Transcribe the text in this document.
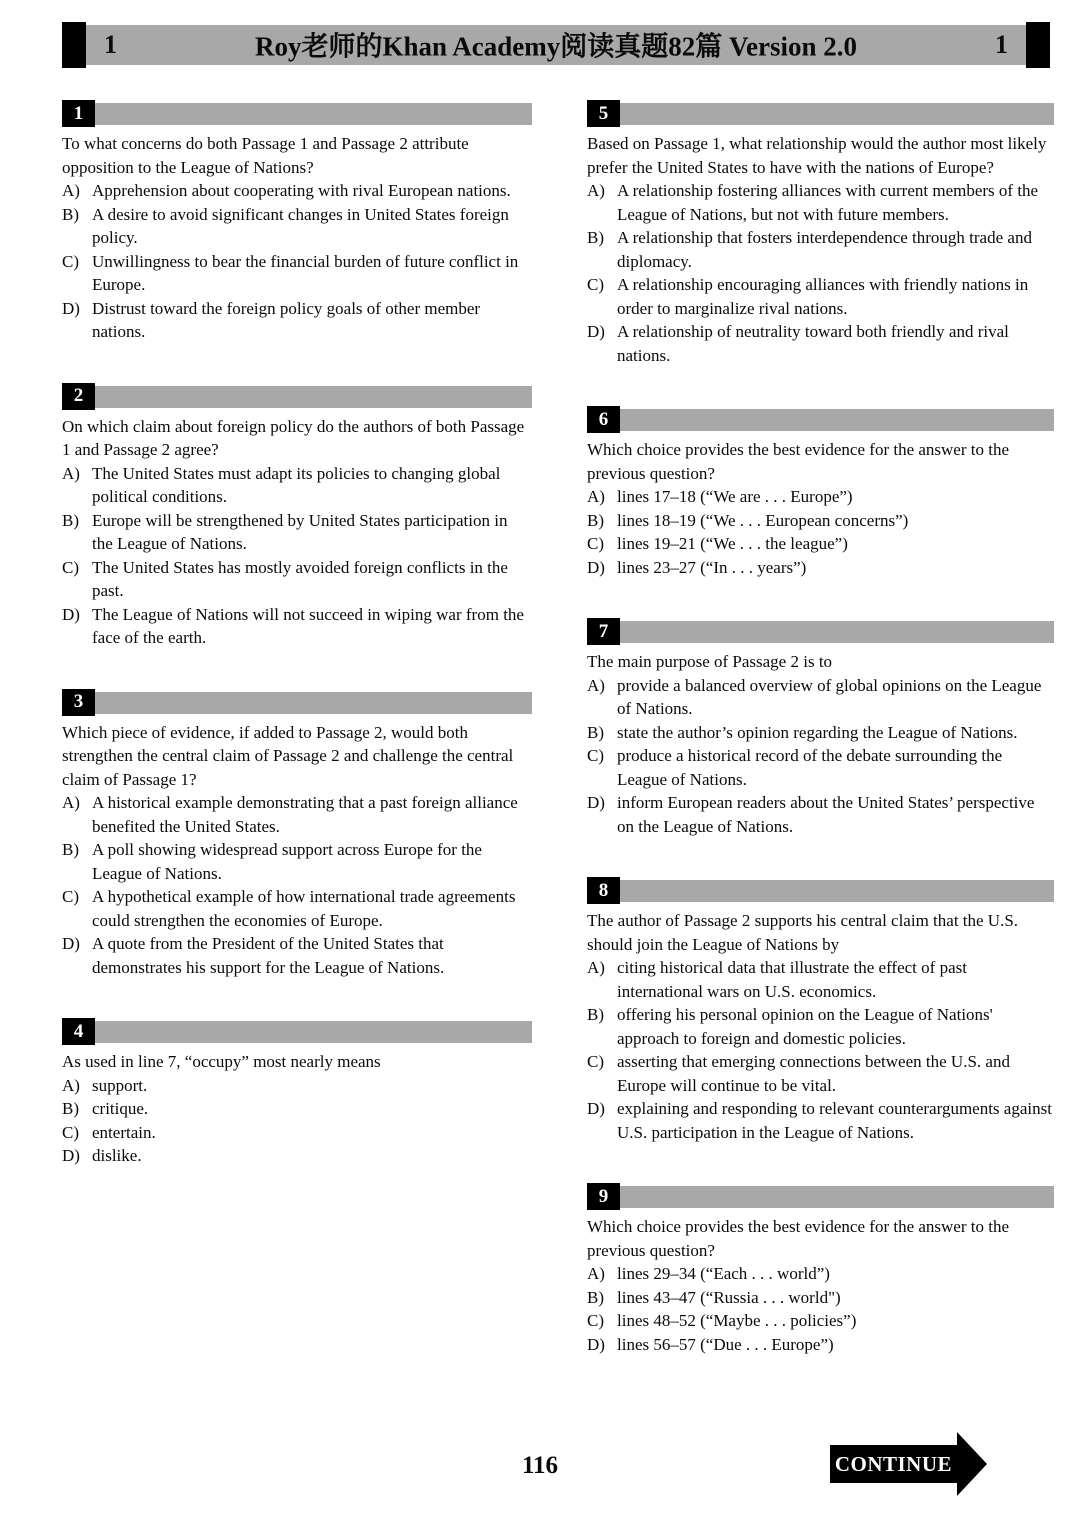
1	Roy老师的Khan Academy阅读真题82篇 Version 2.0	1
1

To what concerns do both Passage 1 and Passage 2 attribute opposition to the League of Nations?

A) Apprehension about cooperating with rival European nations.
B) A desire to avoid significant changes in United States foreign policy.
C) Unwillingness to bear the financial burden of future conflict in Europe.
D) Distrust toward the foreign policy goals of other member nations.
2

On which claim about foreign policy do the authors of both Passage 1 and Passage 2 agree?

A) The United States must adapt its policies to changing global political conditions.
B) Europe will be strengthened by United States participation in the League of Nations.
C) The United States has mostly avoided foreign conflicts in the past.
D) The League of Nations will not succeed in wiping war from the face of the earth.
3

Which piece of evidence, if added to Passage 2, would both strengthen the central claim of Passage 2 and challenge the central claim of Passage 1?

A) A historical example demonstrating that a past foreign alliance benefited the United States.
B) A poll showing widespread support across Europe for the League of Nations.
C) A hypothetical example of how international trade agreements could strengthen the economies of Europe.
D) A quote from the President of the United States that demonstrates his support for the League of Nations.
4

As used in line 7, “occupy” most nearly means

A) support.
B) critique.
C) entertain.
D) dislike.
5

Based on Passage 1, what relationship would the author most likely prefer the United States to have with the nations of Europe?

A) A relationship fostering alliances with current members of the League of Nations, but not with future members.
B) A relationship that fosters interdependence through trade and diplomacy.
C) A relationship encouraging alliances with friendly nations in order to marginalize rival nations.
D) A relationship of neutrality toward both friendly and rival nations.
6

Which choice provides the best evidence for the answer to the previous question?

A) lines 17–18 (“We are . . . Europe”)
B) lines 18–19 (“We . . . European concerns”)
C) lines 19–21 (“We . . . the league”)
D) lines 23–27 (“In . . . years”)
7

The main purpose of Passage 2 is to

A) provide a balanced overview of global opinions on the League of Nations.
B) state the author’s opinion regarding the League of Nations.
C) produce a historical record of the debate surrounding the League of Nations.
D) inform European readers about the United States’ perspective on the League of Nations.
8

The author of Passage 2 supports his central claim that the U.S. should join the League of Nations by

A) citing historical data that illustrate the effect of past international wars on U.S. economics.
B) offering his personal opinion on the League of Nations' approach to foreign and domestic policies.
C) asserting that emerging connections between the U.S. and Europe will continue to be vital.
D) explaining and responding to relevant counterarguments against U.S. participation in the League of Nations.
9

Which choice provides the best evidence for the answer to the previous question?

A) lines 29–34 (“Each . . . world”)
B) lines 43–47 (“Russia . . . world")
C) lines 48–52 (“Maybe . . . policies”)
D) lines 56–57 (“Due . . . Europe”)
116	CONTINUE
